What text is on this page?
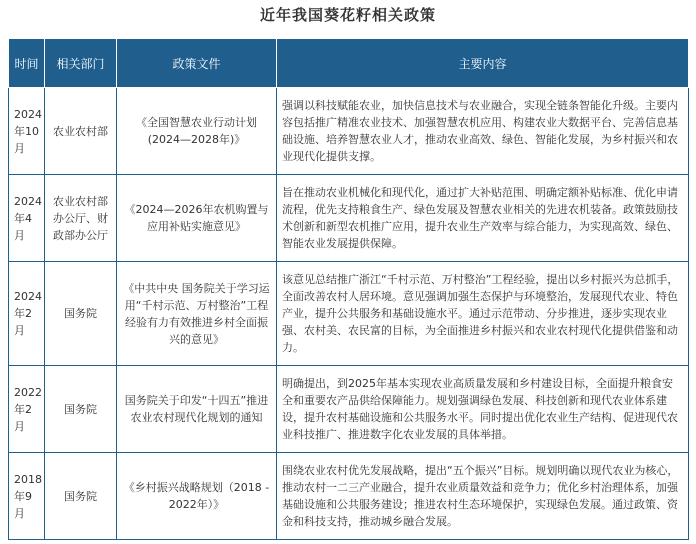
近年我国葵花籽相关政策
时间	相关部门	政策文件	主要内容
2024年10月	农业农村部	《全国智慧农业行动计划(2024—2028年)》	强调以科技赋能农业，加快信息技术与农业融合，实现全链条智能化升级。主要内容包括推广精准农业技术、加强智慧农机应用、构建农业大数据平台、完善信息基础设施、培养智慧农业人才，推动农业高效、绿色、智能化发展，为乡村振兴和农业现代化提供支撑。
2024年4月	农业农村部办公厅、财政部办公厅	《2024—2026年农机购置与应用补贴实施意见》	旨在推动农业机械化和现代化，通过扩大补贴范围、明确定额补贴标准、优化申请流程，优先支持粮食生产、绿色发展及智慧农业相关的先进农机装备。政策鼓励技术创新和新型农机推广应用，提升农业生产效率与综合能力，为实现高效、绿色、智能农业发展提供保障。
2024年2月	国务院	《中共中央 国务院关于学习运用“千村示范、万村整治”工程经验有力有效推进乡村全面振兴的意见》	该意见总结推广浙江“千村示范、万村整治”工程经验，提出以乡村振兴为总抓手，全面改善农村人居环境。意见强调加强生态保护与环境整治，发展现代农业、特色产业，提升公共服务和基础设施水平。通过示范带动、分步推进，逐步实现农业强、农村美、农民富的目标，为全面推进乡村振兴和农业农村现代化提供借鉴和动力。
2022年2月	国务院	国务院关于印发“十四五”推进农业农村现代化规划的通知	明确提出，到2025年基本实现农业高质量发展和乡村建设目标，全面提升粮食安全和重要农产品供给保障能力。规划强调绿色发展、科技创新和现代农业体系建设，提升农村基础设施和公共服务水平。同时提出优化农业生产结构、促进现代农业科技推广、推进数字化农业发展的具体举措。
2018年9月	国务院	《乡村振兴战略规划（2018 - 2022年）》	围绕农业农村优先发展战略，提出“五个振兴”目标。规划明确以现代农业为核心，推动农村一二三产业融合，提升农业质量效益和竞争力；优化乡村治理体系，加强基础设施和公共服务建设；推进农村生态环境保护，实现绿色发展。通过政策、资金和科技支持，推动城乡融合发展。
